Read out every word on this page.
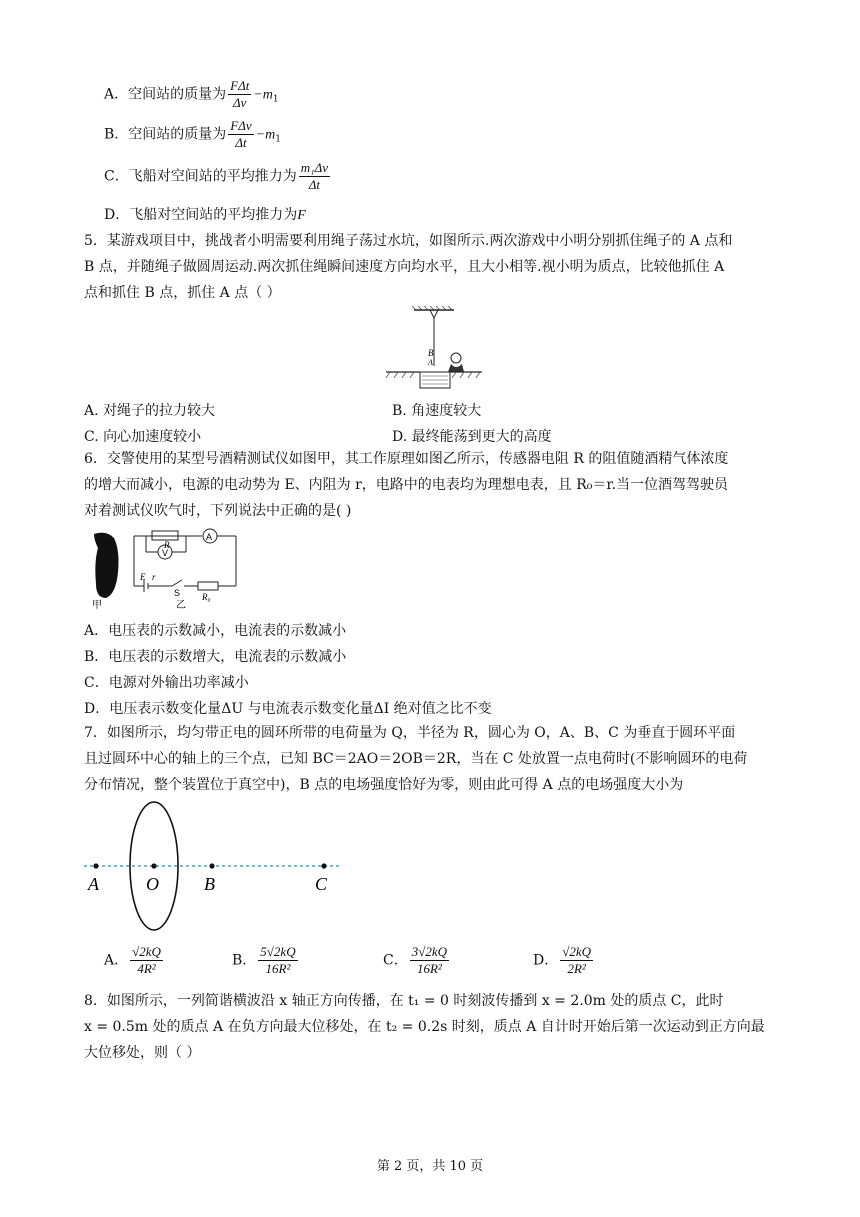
A．空间站的质量为 $\frac{\text{FΔt}}{\Delta v} -m_1$
B．空间站的质量为 $\frac{\text{FΔv}}{\Delta t} -m_1$
C．飞船对空间站的平均推力为 $\frac{\text{m₁Δv}}{\Delta t}$
D．飞船对空间站的平均推力为F
5．某游戏项目中，挑战者小明需要利用绳子荡过水坑，如图所示.两次游戏中小明分别抓住绳子的 A 点和
B 点，并随绳子做圆周运动.两次抓住绳瞬间速度方向均水平，且大小相等.视小明为质点，比较他抓住 A
点和抓住 B 点，抓住 A 点（ ）
B
A
A. 对绳子的拉力较大	B. 角速度较大
C. 向心加速度较小	D. 最终能荡到更大的高度
6．交警使用的某型号酒精测试仪如图甲，其工作原理如图乙所示，传感器电阻 R 的阻值随酒精气体浓度
的增大而减小，电源的电动势为 E、内阻为 r，电路中的电表均为理想电表，且 R₀＝r.当一位酒驾驾驶员
对着测试仪吹气时，下列说法中正确的是( )
甲
A
V
R
E r
S R₀
乙
A．电压表的示数减小，电流表的示数减小
B．电压表的示数增大，电流表的示数减小
C．电源对外输出功率减小
D．电压表示数变化量ΔU 与电流表示数变化量ΔI 绝对值之比不变
7．如图所示，均匀带正电的圆环所带的电荷量为 Q，半径为 R，圆心为 O，A、B、C 为垂直于圆环平面
且过圆环中心的轴上的三个点，已知 BC＝2AO＝2OB＝2R，当在 C 处放置一点电荷时(不影响圆环的电荷
分布情况，整个装置位于真空中)，B 点的电场强度恰好为零，则由此可得 A 点的电场强度大小为
A	O	B	C
A． $\frac{√2kQ}{\text{4R²}}$	B． $\frac{5√2kQ}{\text{16R²}}$	C． $\frac{3√2kQ}{\text{16R²}}$	D． $\frac{√2kQ}{\text{2R²}}$
8．如图所示，一列简谐横波沿 x 轴正方向传播，在 t₁ = 0 时刻波传播到 x = 2.0m 处的质点 C，此时
x = 0.5m 处的质点 A 在负方向最大位移处，在 t₂ = 0.2s 时刻，质点 A 自计时开始后第一次运动到正方向最
大位移处，则（ ）
第 2 页，共 10 页
